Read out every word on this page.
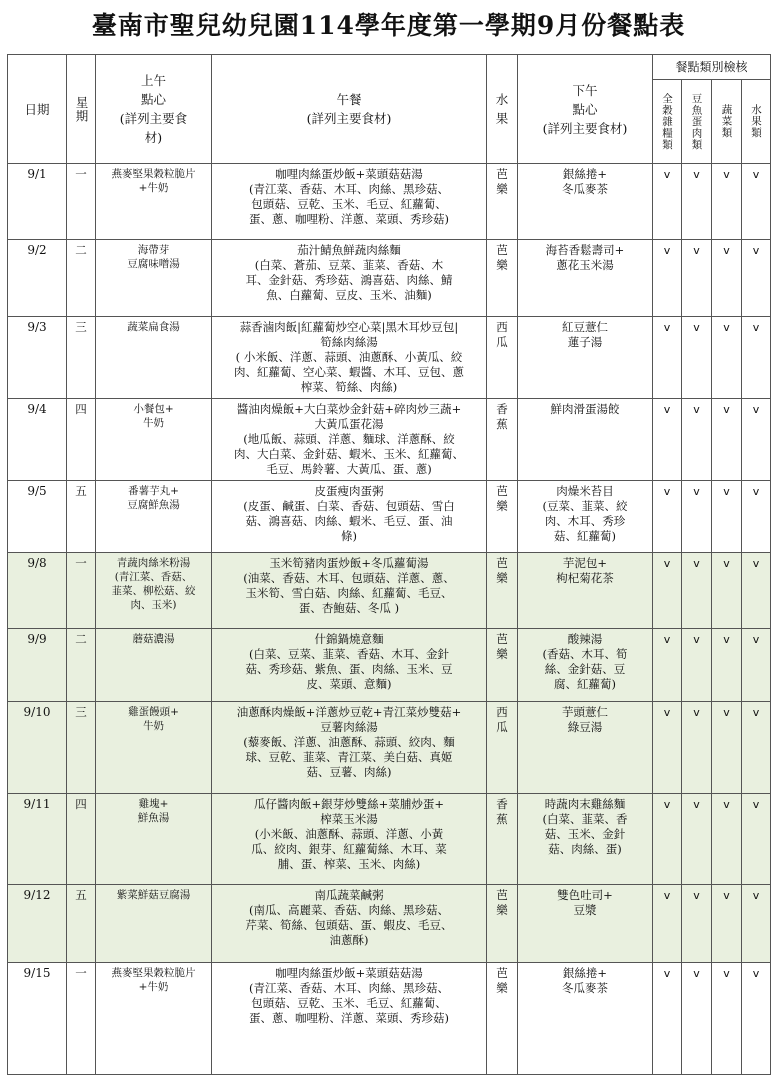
臺南市聖兒幼兒園114學年度第一學期9月份餐點表
日期	星期	上午
點心
(詳列主要食
材)	午餐
(詳列主要食材)	水
果	下午
點心
(詳列主要食材)	餐點類別檢核			

						全穀雜糧類	豆魚蛋肉類	蔬菜類	水果類

9/1	一	燕麥堅果穀粒脆片
+牛奶	咖哩肉絲蛋炒飯+菜頭菇菇湯
(青江菜、香菇、木耳、肉絲、黑珍菇、
包頭菇、豆乾、玉米、毛豆、紅蘿蔔、
蛋、蔥、咖哩粉、洋蔥、菜頭、秀珍菇)	芭
樂	銀絲捲+
冬瓜麥茶	v	v	v	v
9/2	二	海帶芽
豆腐味噌湯	茄汁鯖魚鮮蔬肉絲麵
(白菜、蒼茄、豆菜、韮菜、香菇、木
耳、金針菇、秀珍菇、鴻喜菇、肉絲、鯖
魚、白蘿蔔、豆皮、玉米、油麵)	芭
樂	海苔香鬆壽司+
蔥花玉米湯	v	v	v	v
9/3	三	蔬菜扁食湯	蒜香滷肉飯|紅蘿蔔炒空心菜|黑木耳炒豆包|
筍絲肉絲湯
( 小米飯、洋蔥、蒜頭、油蔥酥、小黃瓜、絞
肉、紅蘿蔔、空心菜、蝦醬、木耳、豆包、蔥
榨菜、筍絲、肉絲)	西
瓜	紅豆薏仁
蓮子湯	v	v	v	v
9/4	四	小餐包+
牛奶	醬油肉燥飯+大白菜炒金針菇+碎肉炒三蔬+
大黃瓜蛋花湯
(地瓜飯、蒜頭、洋蔥、麵球、洋蔥酥、絞
肉、大白菜、金針菇、蝦米、玉米、紅蘿蔔、
毛豆、馬鈴薯、大黃瓜、蛋、蔥)	香
蕉	鮮肉滑蛋湯餃	v	v	v	v
9/5	五	番薯芋丸+
豆腐鮮魚湯	皮蛋瘦肉蛋粥
(皮蛋、鹹蛋、白菜、香菇、包頭菇、雪白
菇、鴻喜菇、肉絲、蝦米、毛豆、蛋、油
條)	芭
樂	肉燥米苔目
(豆菜、韮菜、絞
肉、木耳、秀珍
菇、紅蘿蔔)	v	v	v	v
9/8	一	青蔬肉絲米粉湯
(青江菜、香菇、
韮菜、柳松菇、絞
肉、玉米)	玉米筍豬肉蛋炒飯+冬瓜蘿蔔湯
(油菜、香菇、木耳、包頭菇、洋蔥、蔥、
玉米筍、雪白菇、肉絲、紅蘿蔔、毛豆、
蛋、杏鮑菇、冬瓜 )	芭
樂	芋泥包+
枸杞菊花茶	v	v	v	v
9/9	二	蘑菇濃湯	什錦鍋燒意麵
(白菜、豆菜、韮菜、香菇、木耳、金針
菇、秀珍菇、紫魚、蛋、肉絲、玉米、豆
皮、菜頭、意麵)	芭
樂	酸辣湯
(香菇、木耳、筍
絲、金針菇、豆
腐、紅蘿蔔)	v	v	v	v
9/10	三	雞蛋饅頭+
牛奶	油蔥酥肉燥飯+洋蔥炒豆乾+青江菜炒雙菇+
豆薯肉絲湯
(藜麥飯、洋蔥、油蔥酥、蒜頭、絞肉、麵
球、豆乾、韮菜、青江菜、美白菇、真姬
菇、豆薯、肉絲)	西
瓜	芋頭薏仁
綠豆湯	v	v	v	v
9/11	四	雞塊+
鮮魚湯	瓜仔醬肉飯+銀芽炒雙絲+菜脯炒蛋+
榨菜玉米湯
(小米飯、油蔥酥、蒜頭、洋蔥、小黃
瓜、絞肉、銀芽、紅蘿蔔絲、木耳、菜
脯、蛋、榨菜、玉米、肉絲)	香
蕉	時蔬肉末雞絲麵
(白菜、韮菜、香
菇、玉米、金針
菇、肉絲、蛋)	v	v	v	v
9/12	五	紫菜鮮菇豆腐湯	南瓜蔬菜鹹粥
(南瓜、高麗菜、香菇、肉絲、黑珍菇、
芹菜、筍絲、包頭菇、蛋、蝦皮、毛豆、
油蔥酥)	芭
樂	雙色吐司+
豆漿	v	v	v	v
9/15	一	燕麥堅果穀粒脆片
+牛奶	咖哩肉絲蛋炒飯+菜頭菇菇湯
(青江菜、香菇、木耳、肉絲、黑珍菇、
包頭菇、豆乾、玉米、毛豆、紅蘿蔔、
蛋、蔥、咖哩粉、洋蔥、菜頭、秀珍菇)	芭
樂	銀絲捲+
冬瓜麥茶	v	v	v	v
